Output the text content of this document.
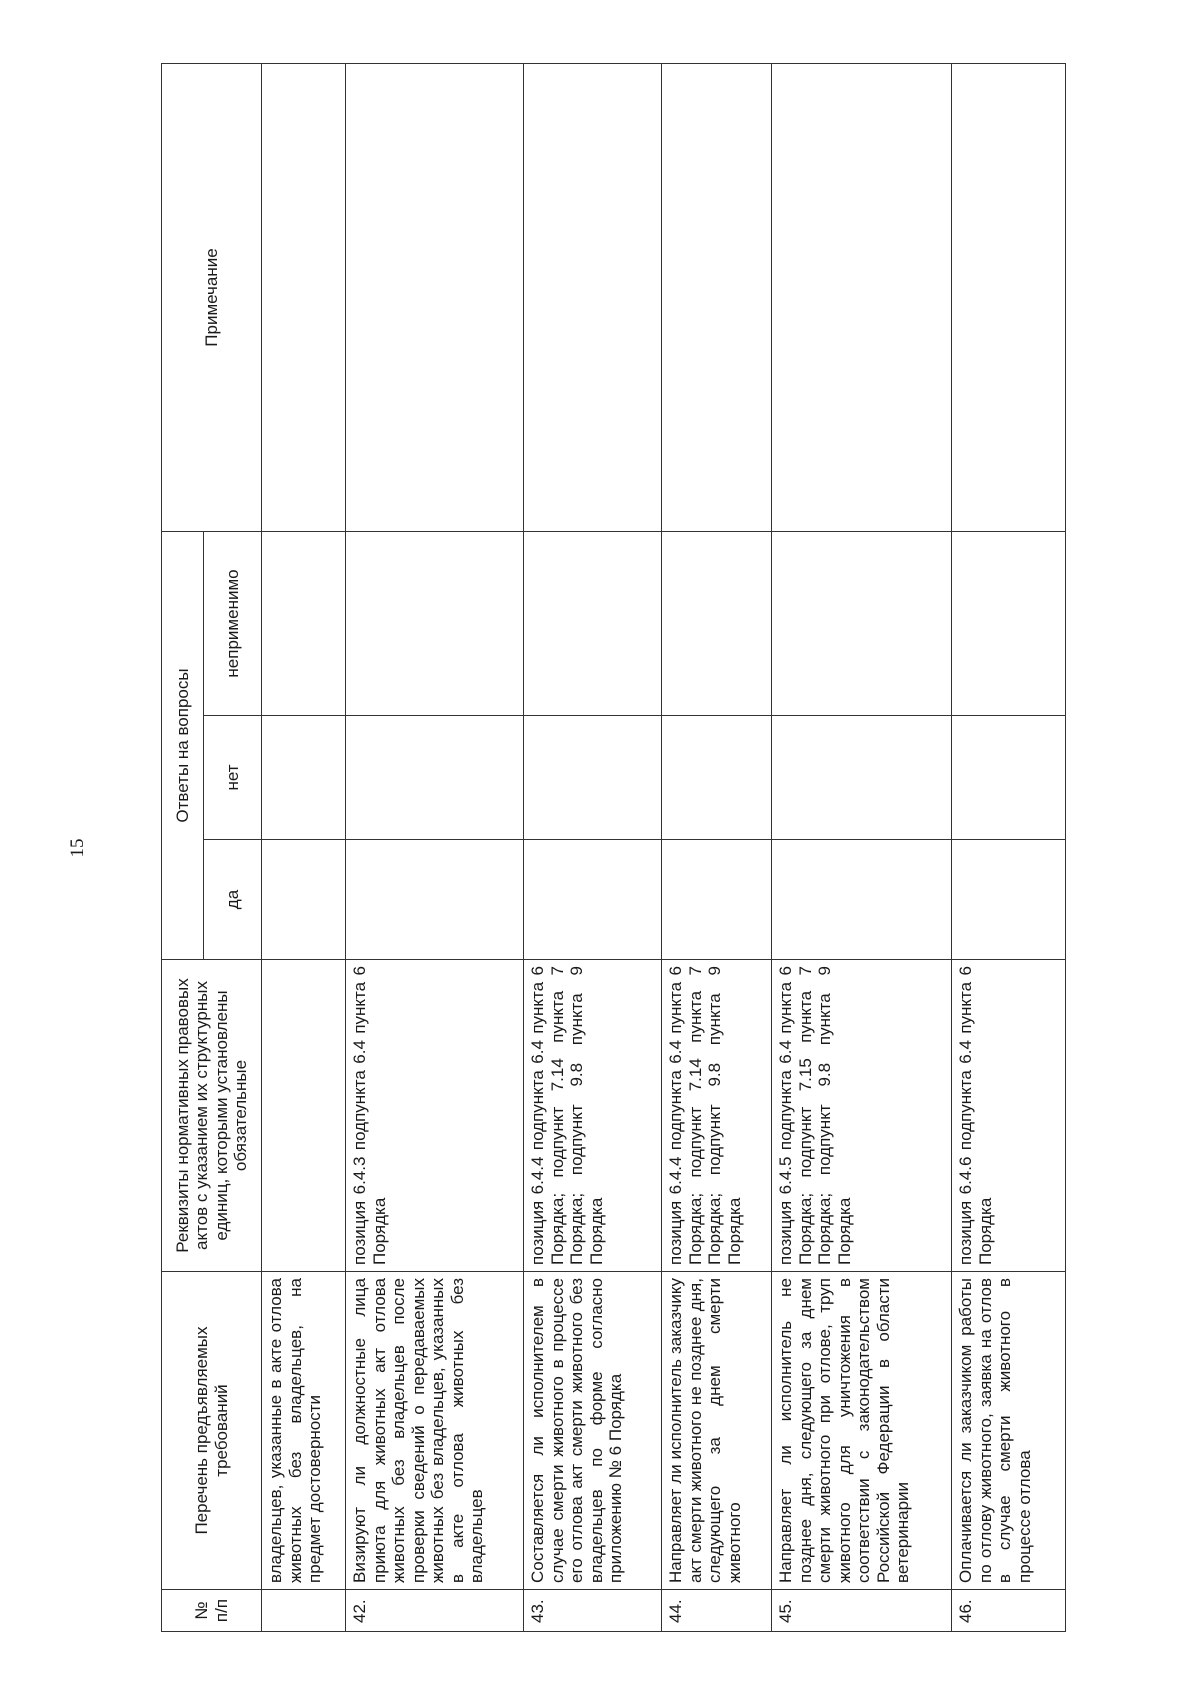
15
№
п/п	Перечень предъявляемых требований	Реквизиты нормативных правовых актов с указанием их структурных единиц, которыми установлены обязательные	Ответы на вопросы			Примечание
			да	нет	неприменимо	
	владельцев, указанные в акте отлова животных без владельцев, на предмет достоверности					
42.	Визируют ли должностные лица приюта для животных акт отлова животных без владельцев после проверки сведений о передаваемых животных без владельцев, указанных в акте отлова животных без владельцев	позиция 6.4.3 подпункта 6.4 пункта 6 Порядка				
43.	Составляется ли исполнителем в случае смерти животного в процессе его отлова акт смерти животного без владельцев по форме согласно приложению № 6 Порядка	позиция 6.4.4 подпункта 6.4 пункта 6 Порядка; подпункт 7.14 пункта 7 Порядка; подпункт 9.8 пункта 9 Порядка				
44.	Направляет ли исполнитель заказчику акт смерти животного не позднее дня, следующего за днем смерти животного	позиция 6.4.4 подпункта 6.4 пункта 6 Порядка; подпункт 7.14 пункта 7 Порядка; подпункт 9.8 пункта 9 Порядка				
45.	Направляет ли исполнитель не позднее дня, следующего за днем смерти животного при отлове, труп животного для уничтожения в соответствии с законодательством Российской Федерации в области ветеринарии	позиция 6.4.5 подпункта 6.4 пункта 6 Порядка; подпункт 7.15 пункта 7 Порядка; подпункт 9.8 пункта 9 Порядка				
46.	Оплачивается ли заказчиком работы по отлову животного, заявка на отлов в случае смерти животного в процессе отлова	позиция 6.4.6 подпункта 6.4 пункта 6 Порядка				
